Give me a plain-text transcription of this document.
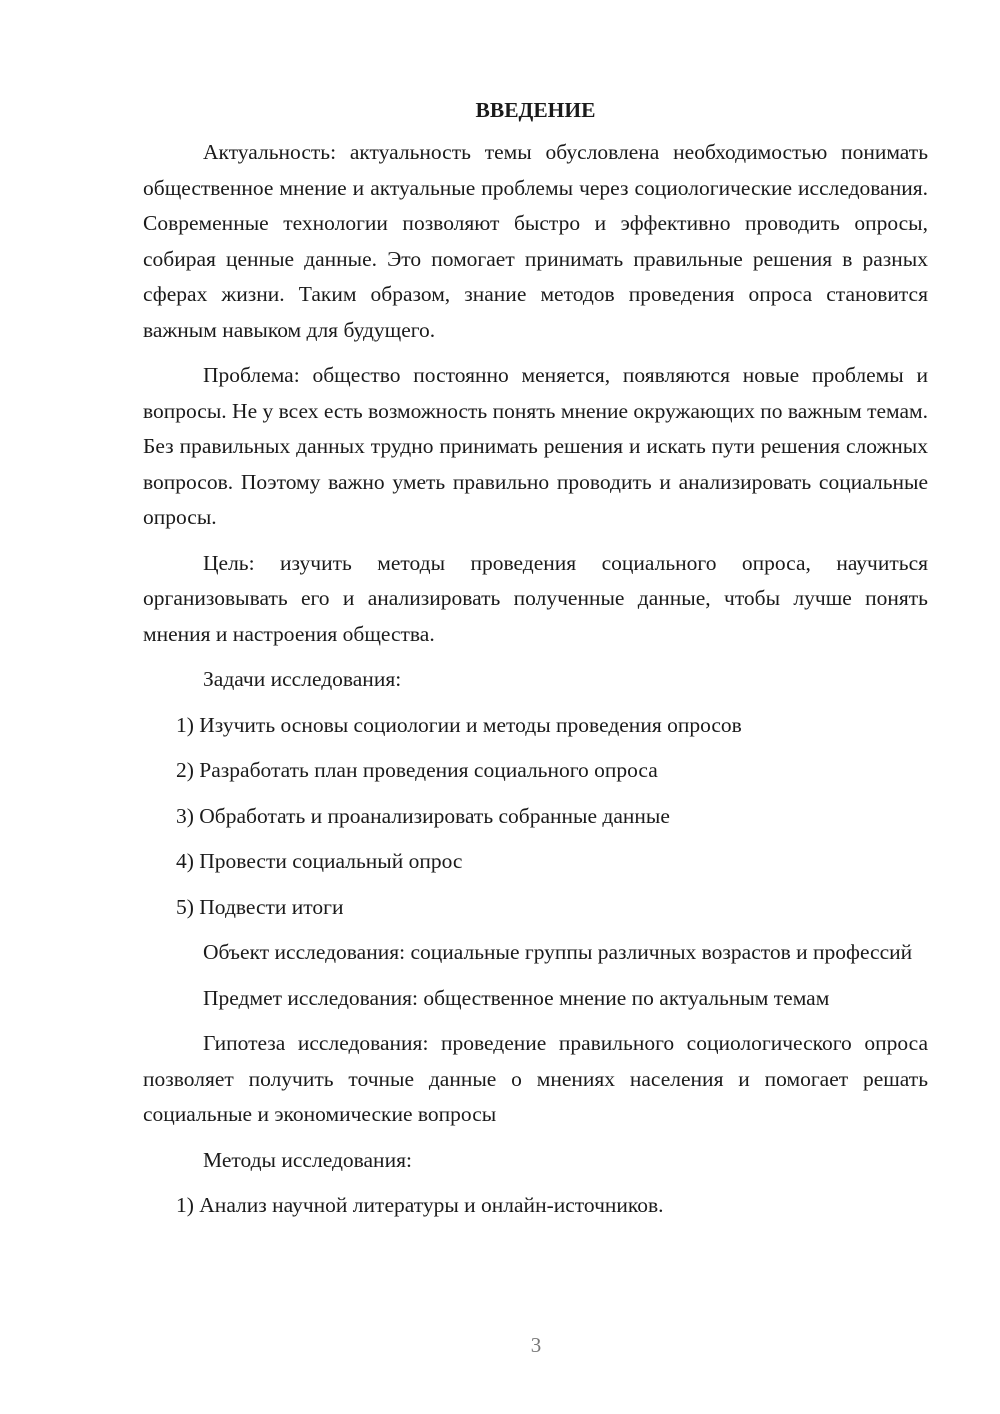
ВВЕДЕНИЕ
Актуальность: актуальность темы обусловлена необходимостью понимать общественное мнение и актуальные проблемы через социологические исследования. Современные технологии позволяют быстро и эффективно проводить опросы, собирая ценные данные. Это помогает принимать правильные решения в разных сферах жизни. Таким образом, знание методов проведения опроса становится важным навыком для будущего.
Проблема: общество постоянно меняется, появляются новые проблемы и вопросы. Не у всех есть возможность понять мнение окружающих по важным темам. Без правильных данных трудно принимать решения и искать пути решения сложных вопросов. Поэтому важно уметь правильно проводить и анализировать социальные опросы.
Цель: изучить методы проведения социального опроса, научиться организовывать его и анализировать полученные данные, чтобы лучше понять мнения и настроения общества.
Задачи исследования:
1) Изучить основы социологии и методы проведения опросов
2) Разработать план проведения социального опроса
3) Обработать и проанализировать собранные данные
4) Провести социальный опрос
5) Подвести итоги
Объект исследования: социальные группы различных возрастов и профессий
Предмет исследования: общественное мнение по актуальным темам
Гипотеза исследования: проведение правильного социологического опроса позволяет получить точные данные о мнениях населения и помогает решать социальные и экономические вопросы
Методы исследования:
1) Анализ научной литературы и онлайн-источников.
3
